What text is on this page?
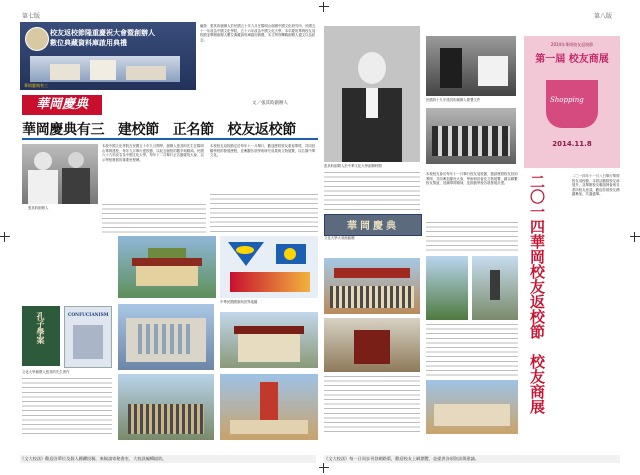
第七版	第八版
校友返校節隆重慶祝大會暨創辦人
數位典藏資料庫啟用典禮
華岡慶典有三
編按：張其昀創辦人於民國五十年九月在陽明山創辦中國文化研究所，民國五十一年改為中國文化學院，五十六年改為中國文化大學，本年慶祝華岡校友返校節並舉辦創辦人數位典藏資料庫啟用典禮，本文特別轉載創辦人遺文以為紀念。
華岡慶典	文／張其昀創辦人
華岡慶典有三　建校節　正名節　校友返校節
張其昀創辦人
本校中國文化學院在民國五十年九月開學，創辦人張其昀先生在陽明山華岡建校，每年九月舉行建校節，以紀念創校的艱辛與精神。民國六十九年改名為中國文化大學，每年十二月舉行正名節慶祝大會，以示學校發展的重要里程碑。
本校校友返校節定於每年十一月舉行，歡迎歷屆校友重返華岡，共同回顧學校的發展歷程，並參觀各項學術研究成果與文物展覽，以弘揚中華文化。
中華民國國旗與世界地圖
孔子學案	CONFUCIANISM
文化大學創辦人張其昀先生著作
《文大校訊》歡迎各單位及個人踴躍投稿，來稿請寄秘書室，大校訊編輯組收。
張其昀創辦人於中華文化大學創辦時期
民國四十九年張其昀創辦人簽署文件
2014年華岡校友返校節
第一屆 校友商展
Shopping
2014.11.8
本校校友會於每年十一月舉行校友返校節，邀請歷屆校友回到華岡，共同參加慶祝大會、學術研討會及文物展覽，藉以聯繫校友情誼，延續華岡精神，並推動學校各項發展計畫。
華岡慶典
文化大學大成館匾額	二〇一四華岡校友返校節　校友商展	二〇一四年十一月八日舉行華岡校友返校節，本屆活動除校友商展外，並舉辦校友聯誼餐會與各系所校友座談，歡迎各屆校友踴躍參加，共襄盛舉。
《文大校訊》每一日同步刊登網路版，歡迎校友上網瀏覽，並提供各項資訊與建議。
